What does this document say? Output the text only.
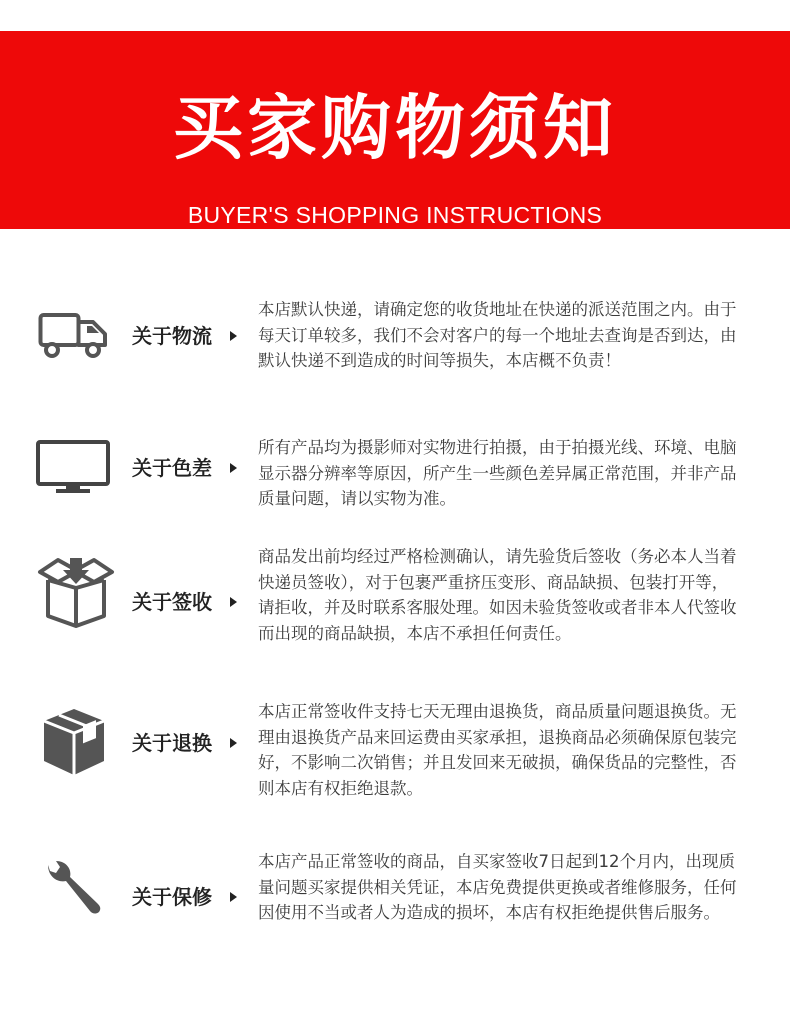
买家购物须知

BUYER'S SHOPPING INSTRUCTIONS

关于物流

本店默认快递，请确定您的收货地址在快递的派送范围之内。由于每天订单较多，我们不会对客户的每一个地址去查询是否到达，由默认快递不到造成的时间等损失，本店概不负责！

关于色差

所有产品均为摄影师对实物进行拍摄，由于拍摄光线、环境、电脑显示器分辨率等原因，所产生一些颜色差异属正常范围，并非产品质量问题，请以实物为准。

关于签收

商品发出前均经过严格检测确认，请先验货后签收（务必本人当着快递员签收），对于包裹严重挤压变形、商品缺损、包装打开等，请拒收，并及时联系客服处理。如因未验货签收或者非本人代签收而出现的商品缺损，本店不承担任何责任。

关于退换

本店正常签收件支持七天无理由退换货，商品质量问题退换货。无理由退换货产品来回运费由买家承担，退换商品必须确保原包装完好，不影响二次销售；并且发回来无破损，确保货品的完整性，否则本店有权拒绝退款。

关于保修

本店产品正常签收的商品，自买家签收7日起到12个月内，出现质量问题买家提供相关凭证，本店免费提供更换或者维修服务，任何因使用不当或者人为造成的损坏，本店有权拒绝提供售后服务。
